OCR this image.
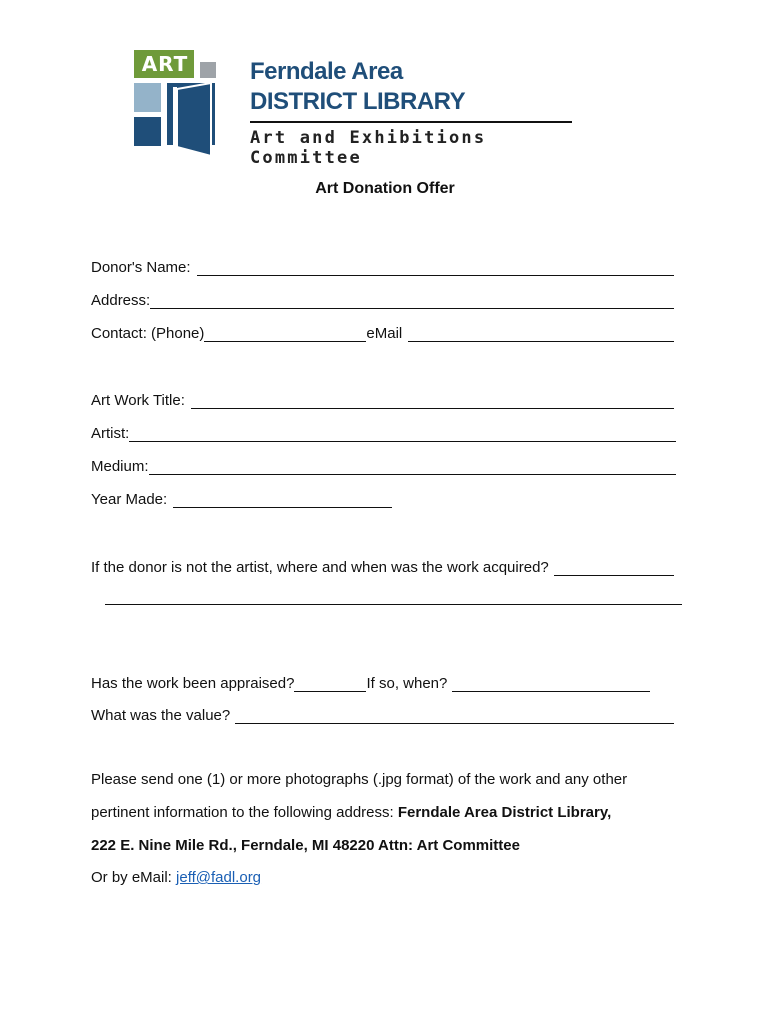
ART	Ferndale Area
DISTRICT LIBRARY
Art and Exhibitions Committee
Art Donation Offer
Donor's Name:
Address:
Contact: (Phone)	eMail
Art Work Title:
Artist:
Medium:
Year Made:
If the donor is not the artist, where and when was the work acquired?
Has the work been appraised?	If so, when?
What was the value?
Please send one (1) or more photographs (.jpg format) of the work and any other
pertinent information to the following address: Ferndale Area District Library,
222 E. Nine Mile Rd., Ferndale, MI 48220 Attn: Art Committee
Or by eMail: jeff@fadl.org
